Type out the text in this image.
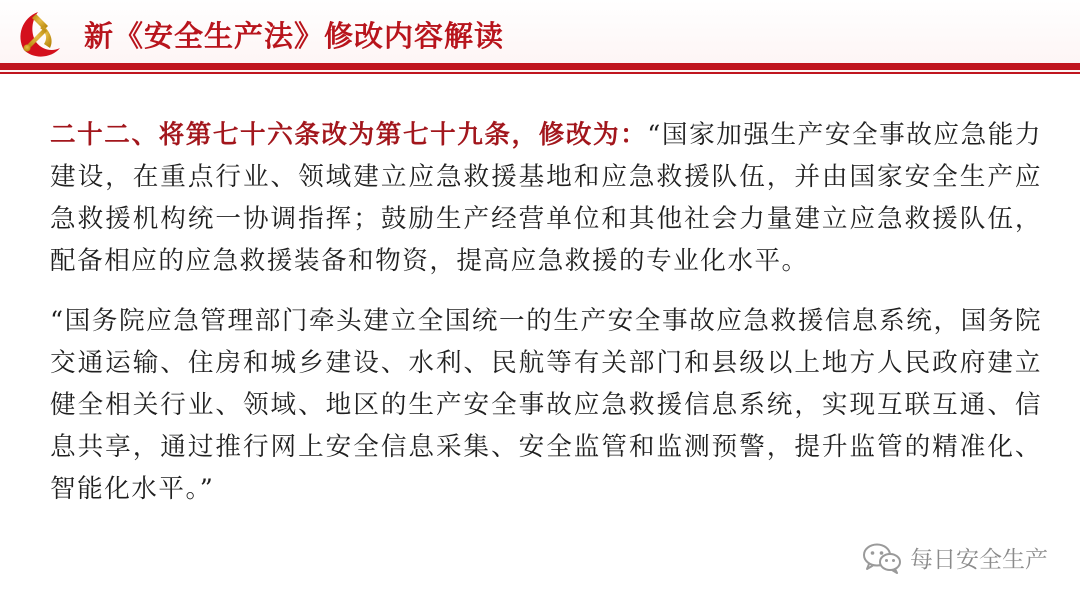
新《安全生产法》修改内容解读

二十二、将第七十六条改为第七十九条，修改为：“国家加强生产安全事故应急能力建设，在重点行业、领域建立应急救援基地和应急救援队伍，并由国家安全生产应急救援机构统一协调指挥；鼓励生产经营单位和其他社会力量建立应急救援队伍，配备相应的应急救援装备和物资，提高应急救援的专业化水平。

“国务院应急管理部门牵头建立全国统一的生产安全事故应急救援信息系统，国务院交通运输、住房和城乡建设、水利、民航等有关部门和县级以上地方人民政府建立健全相关行业、领域、地区的生产安全事故应急救援信息系统，实现互联互通、信息共享，通过推行网上安全信息采集、安全监管和监测预警，提升监管的精准化、智能化水平。”

每日安全生产
